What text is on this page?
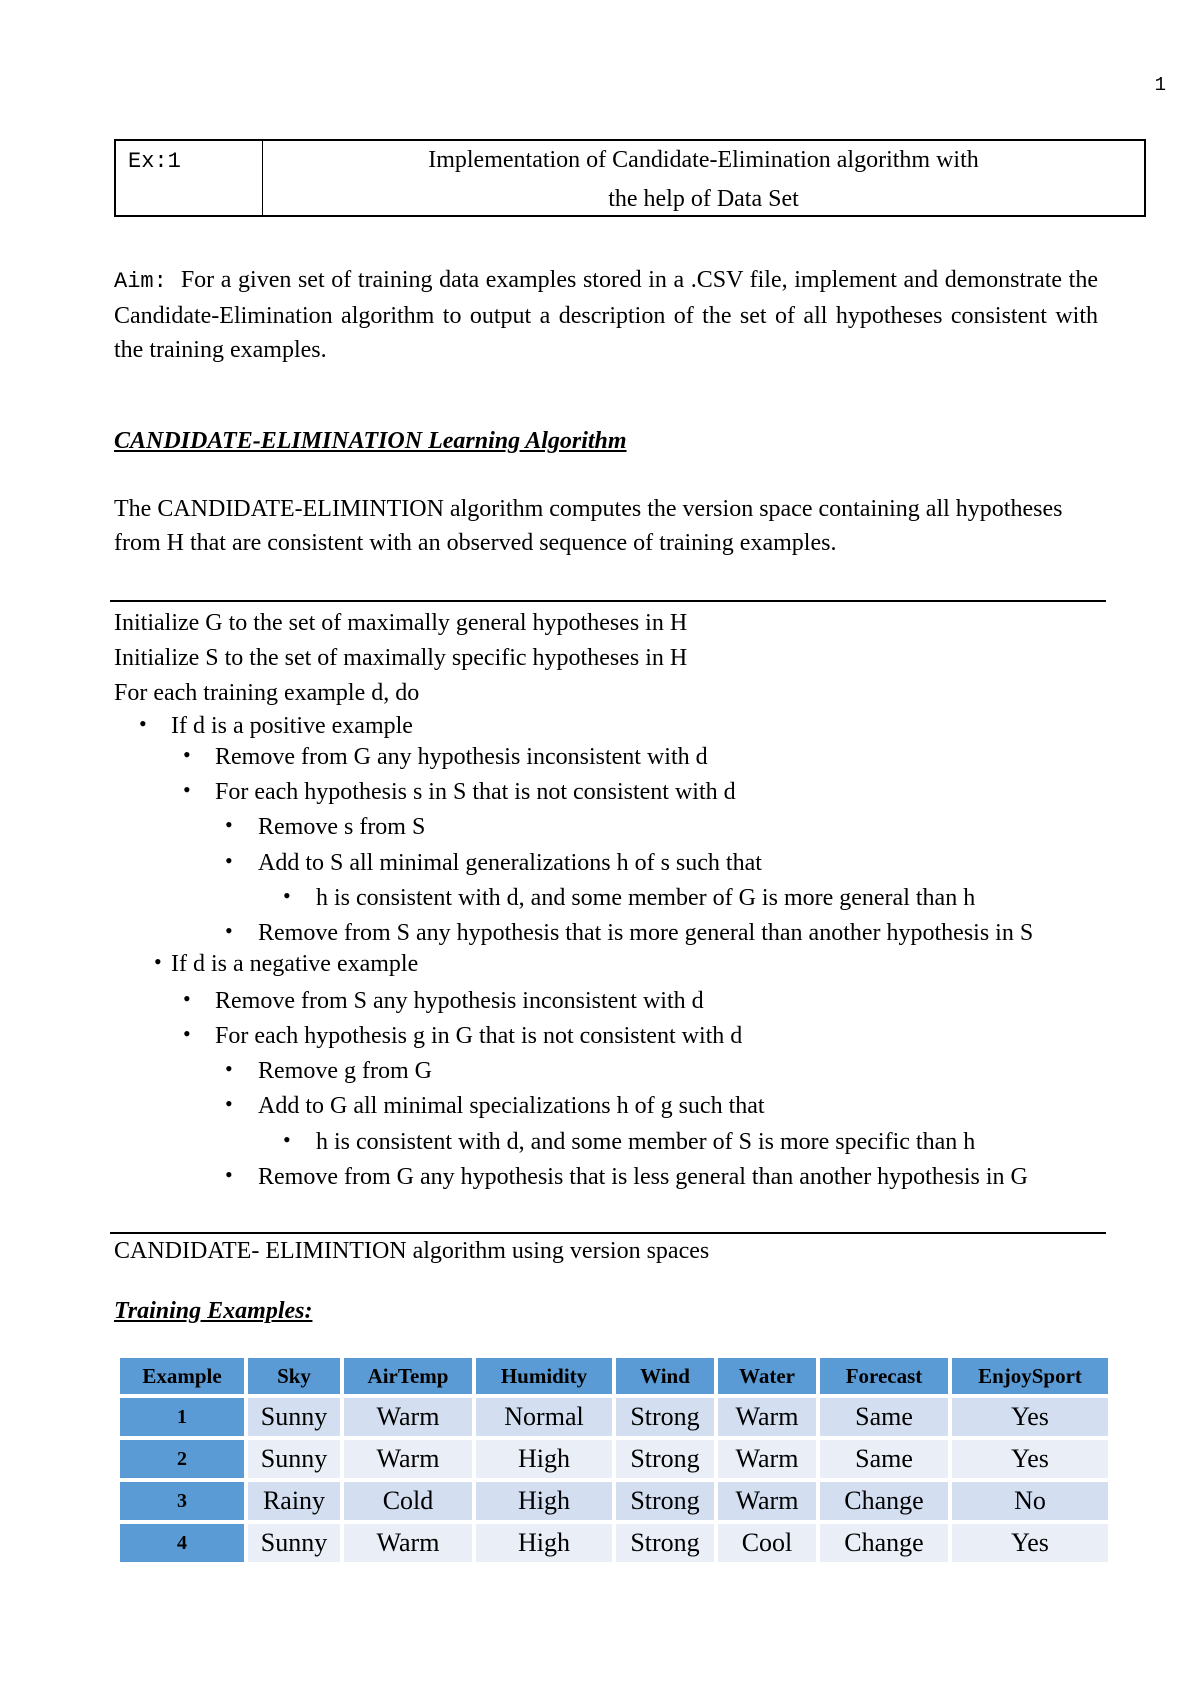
1
Ex:1	Implementation of Candidate-Elimination algorithm with
the help of Data Set
Aim: For a given set of training data examples stored in a .CSV file, implement and demonstrate the Candidate-Elimination algorithm to output a description of the set of all hypotheses consistent with the training examples.
CANDIDATE-ELIMINATION Learning Algorithm
The CANDIDATE-ELIMINTION algorithm computes the version space containing all hypotheses from H that are consistent with an observed sequence of training examples.
Initialize G to the set of maximally general hypotheses in H
Initialize S to the set of maximally specific hypotheses in H
For each training example d, do
• If d is a positive example
• Remove from G any hypothesis inconsistent with d
• For each hypothesis s in S that is not consistent with d
• Remove s from S
• Add to S all minimal generalizations h of s such that
• h is consistent with d, and some member of G is more general than h
• Remove from S any hypothesis that is more general than another hypothesis in S
• If d is a negative example
• Remove from S any hypothesis inconsistent with d
• For each hypothesis g in G that is not consistent with d
• Remove g from G
• Add to G all minimal specializations h of g such that
• h is consistent with d, and some member of S is more specific than h
• Remove from G any hypothesis that is less general than another hypothesis in G
CANDIDATE- ELIMINTION algorithm using version spaces
Training Examples:
Example	Sky	AirTemp	Humidity	Wind	Water	Forecast	EnjoySport
1	Sunny	Warm	Normal	Strong	Warm	Same	Yes
2	Sunny	Warm	High	Strong	Warm	Same	Yes
3	Rainy	Cold	High	Strong	Warm	Change	No
4	Sunny	Warm	High	Strong	Cool	Change	Yes
